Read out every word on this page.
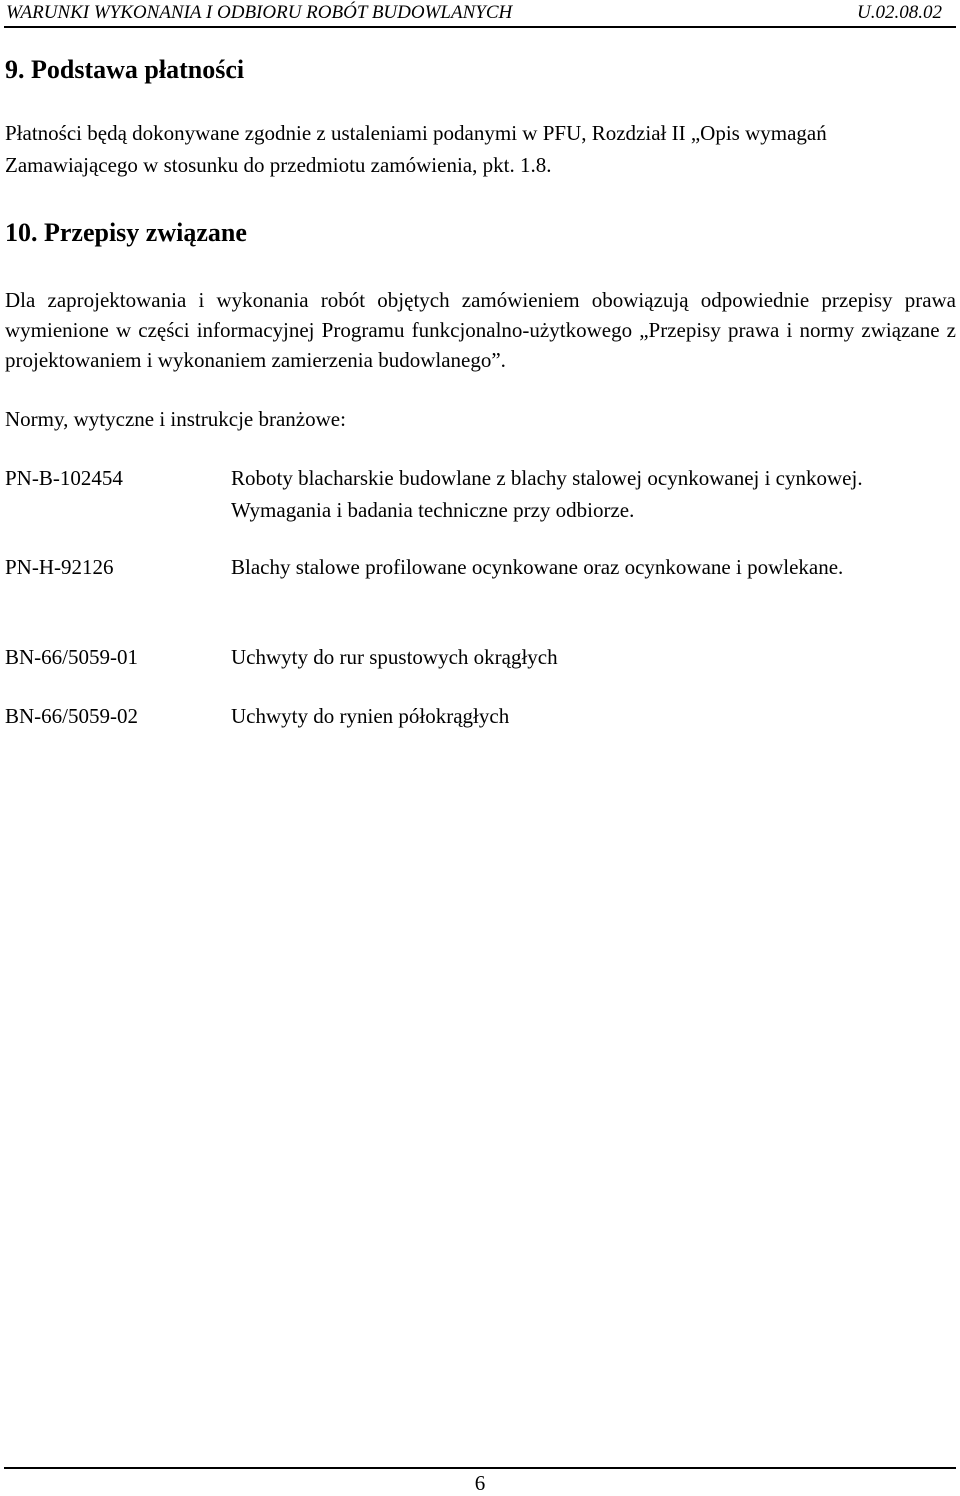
WARUNKI WYKONANIA I ODBIORU ROBÓT BUDOWLANYCH	U.02.08.02
9. Podstawa płatności

Płatności będą dokonywane zgodnie z ustaleniami podanymi w PFU, Rozdział II „Opis wymagań Zamawiającego w stosunku do przedmiotu zamówienia, pkt. 1.8.

10. Przepisy związane

Dla zaprojektowania i wykonania robót objętych zamówieniem obowiązują odpowiednie przepisy prawa wymienione w części informacyjnej Programu funkcjonalno-użytkowego „Przepisy prawa i normy związane z projektowaniem i wykonaniem zamierzenia budowlanego”.

Normy, wytyczne i instrukcje branżowe:

PN-B-102454	Roboty blacharskie budowlane z blachy stalowej ocynkowanej i cynkowej. Wymagania i badania techniczne przy odbiorze.
PN-H-92126	Blachy stalowe profilowane ocynkowane oraz ocynkowane i powlekane.
BN-66/5059-01	Uchwyty do rur spustowych okrągłych
BN-66/5059-02	Uchwyty do rynien półokrągłych
6
